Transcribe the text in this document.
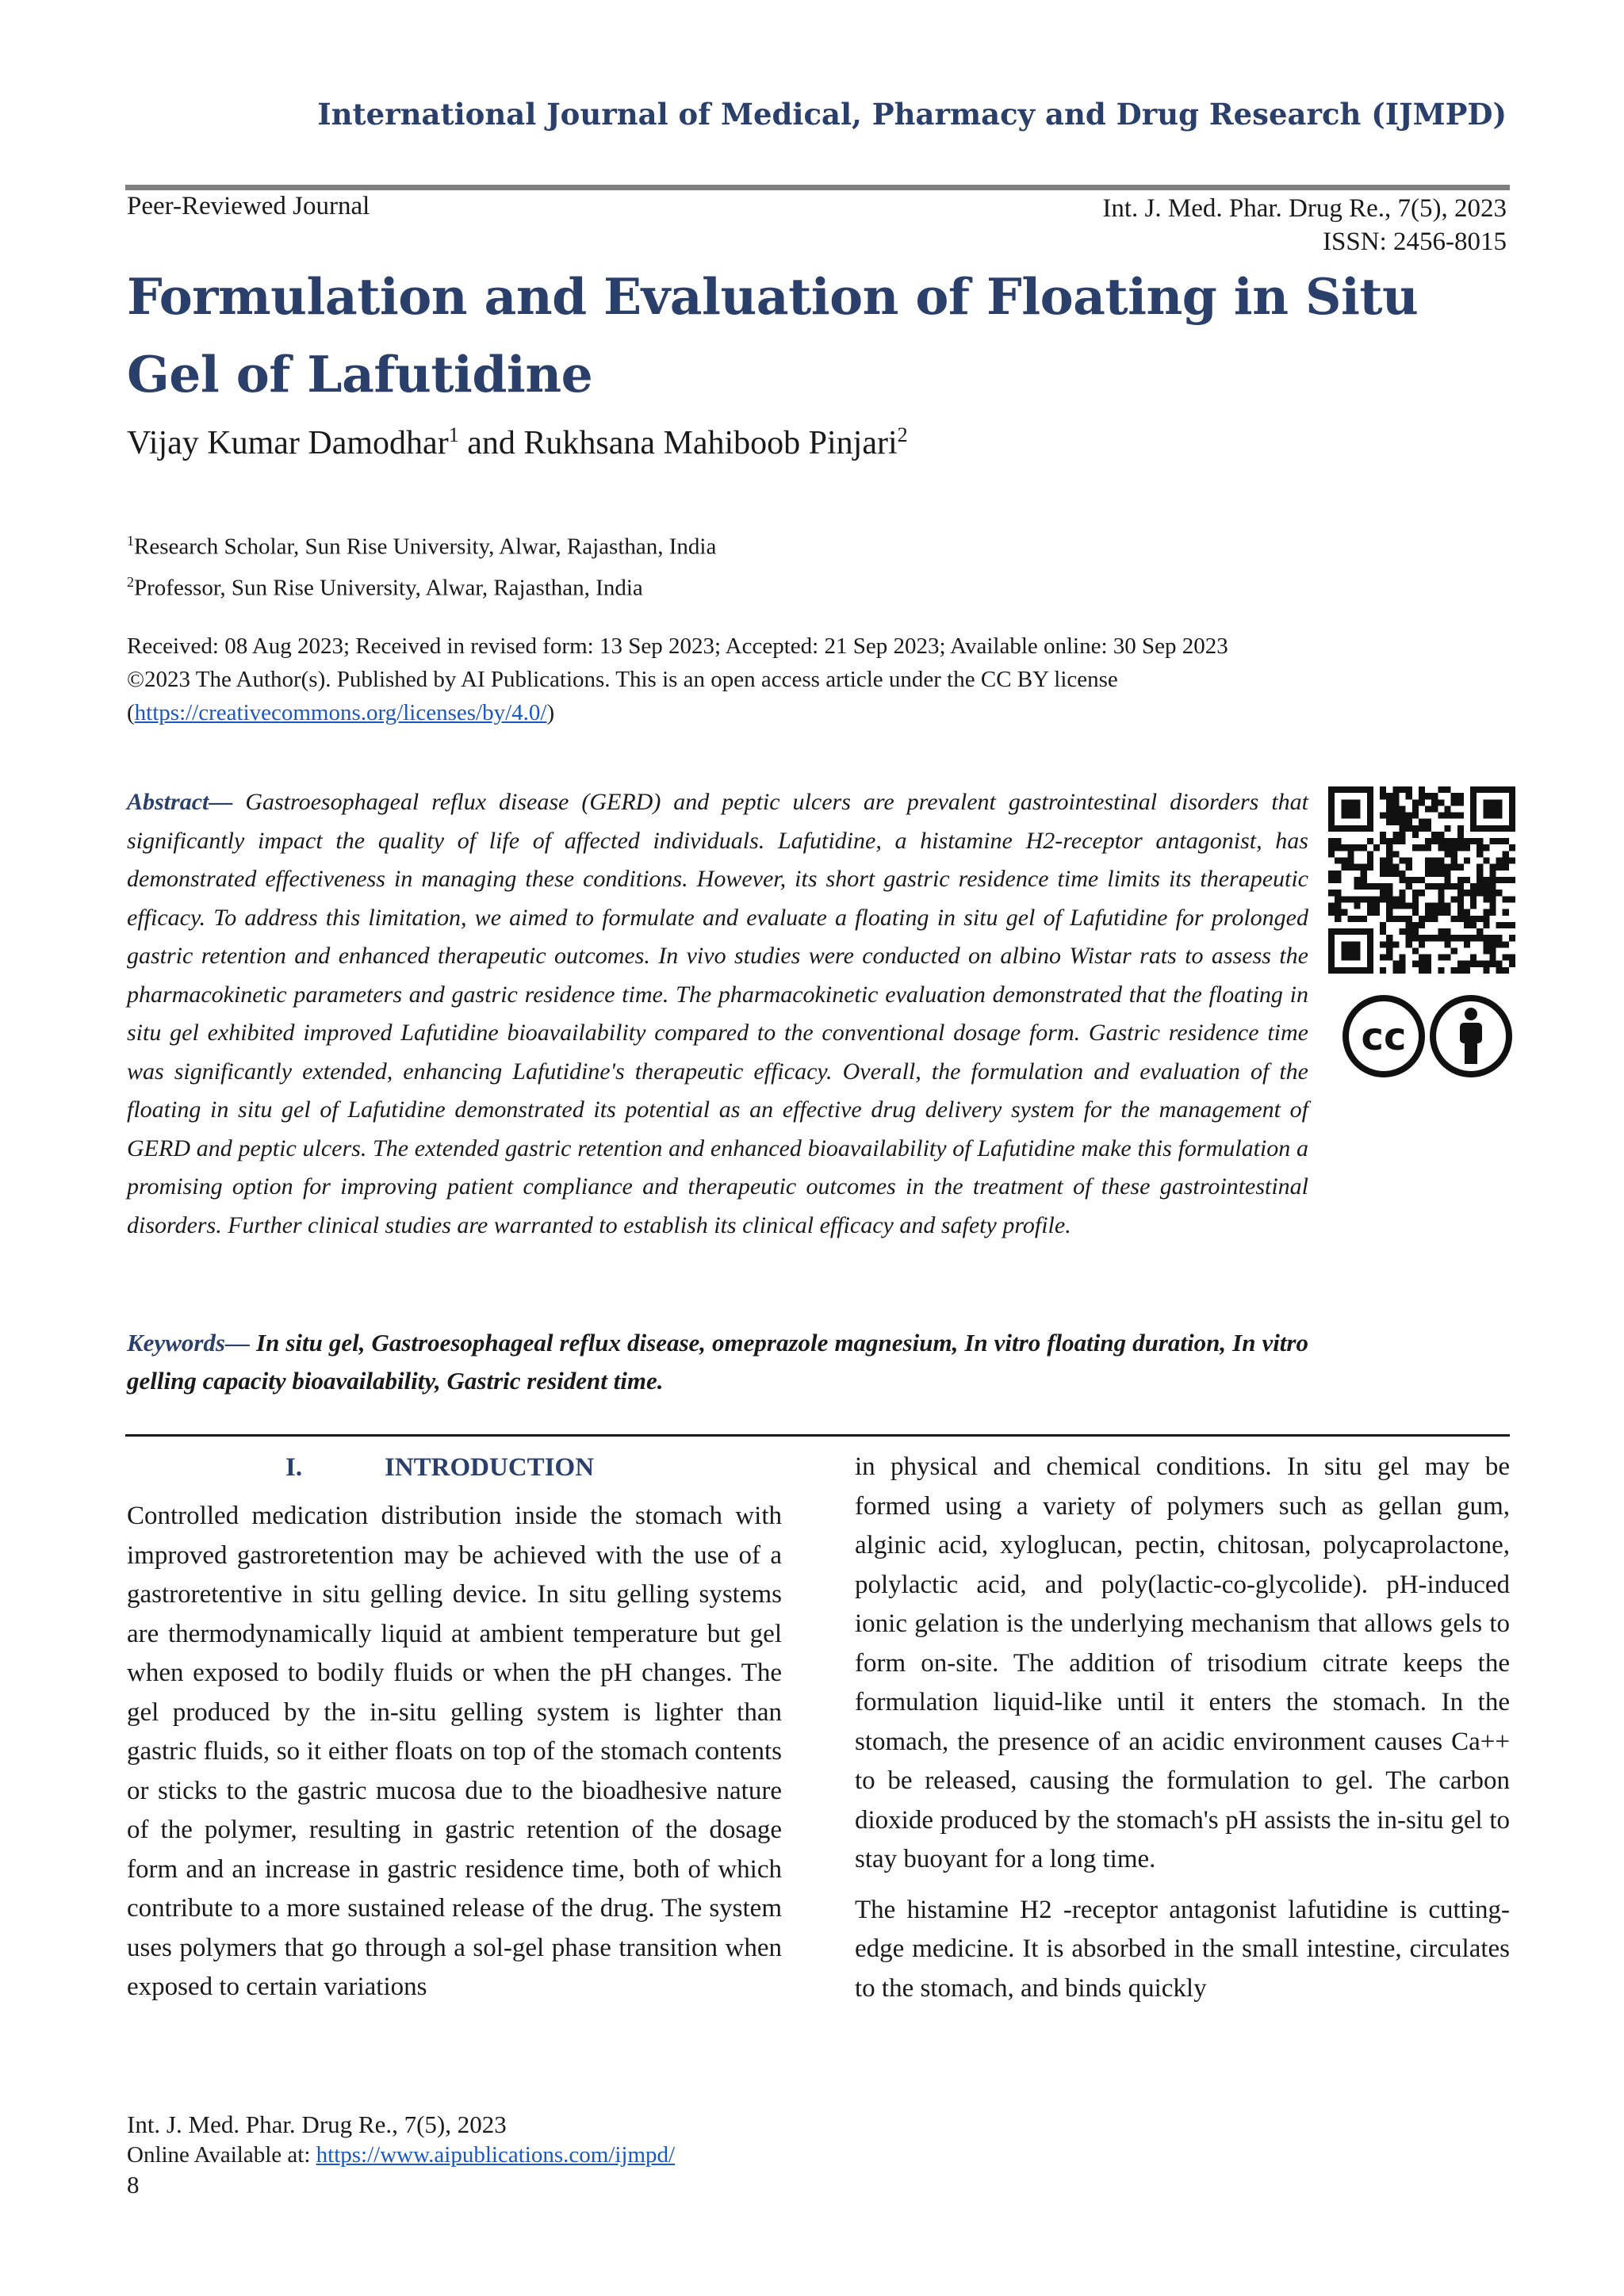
International Journal of Medical, Pharmacy and Drug Research (IJMPD)
Peer-Reviewed Journal	Int. J. Med. Phar. Drug Re., 7(5), 2023
ISSN: 2456-8015
Formulation and Evaluation of Floating in Situ Gel of Lafutidine
Vijay Kumar Damodhar$^1$ and Rukhsana Mahiboob Pinjari$^2$
$^1$Research Scholar, Sun Rise University, Alwar, Rajasthan, India
$^2$Professor, Sun Rise University, Alwar, Rajasthan, India
Received: 08 Aug 2023; Received in revised form: 13 Sep 2023; Accepted: 21 Sep 2023; Available online: 30 Sep 2023
©2023 The Author(s). Published by AI Publications. This is an open access article under the CC BY license
(https://creativecommons.org/licenses/by/4.0/)

Abstract— Gastroesophageal reflux disease (GERD) and peptic ulcers are prevalent gastrointestinal disorders that significantly impact the quality of life of affected individuals. Lafutidine, a histamine H2-receptor antagonist, has demonstrated effectiveness in managing these conditions. However, its short gastric residence time limits its therapeutic efficacy. To address this limitation, we aimed to formulate and evaluate a floating in situ gel of Lafutidine for prolonged gastric retention and enhanced therapeutic outcomes. In vivo studies were conducted on albino Wistar rats to assess the pharmacokinetic parameters and gastric residence time. The pharmacokinetic evaluation demonstrated that the floating in situ gel exhibited improved Lafutidine bioavailability compared to the conventional dosage form. Gastric residence time was significantly extended, enhancing Lafutidine's therapeutic efficacy. Overall, the formulation and evaluation of the floating in situ gel of Lafutidine demonstrated its potential as an effective drug delivery system for the management of GERD and peptic ulcers. The extended gastric retention and enhanced bioavailability of Lafutidine make this formulation a promising option for improving patient compliance and therapeutic outcomes in the treatment of these gastrointestinal disorders. Further clinical studies are warranted to establish its clinical efficacy and safety profile.

Keywords— In situ gel, Gastroesophageal reflux disease, omeprazole magnesium, In vitro floating duration, In vitro gelling capacity bioavailability, Gastric resident time.

cc
I.	INTRODUCTION

Controlled medication distribution inside the stomach with improved gastroretention may be achieved with the use of a gastroretentive in situ gelling device. In situ gelling systems are thermodynamically liquid at ambient temperature but gel when exposed to bodily fluids or when the pH changes. The gel produced by the in-situ gelling system is lighter than gastric fluids, so it either floats on top of the stomach contents or sticks to the gastric mucosa due to the bioadhesive nature of the polymer, resulting in gastric retention of the dosage form and an increase in gastric residence time, both of which contribute to a more sustained release of the drug. The system uses polymers that go through a sol-gel phase transition when exposed to certain variations

in physical and chemical conditions. In situ gel may be formed using a variety of polymers such as gellan gum, alginic acid, xyloglucan, pectin, chitosan, polycaprolactone, polylactic acid, and poly(lactic-co-glycolide). pH-induced ionic gelation is the underlying mechanism that allows gels to form on-site. The addition of trisodium citrate keeps the formulation liquid-like until it enters the stomach. In the stomach, the presence of an acidic environment causes Ca++ to be released, causing the formulation to gel. The carbon dioxide produced by the stomach's pH assists the in-situ gel to stay buoyant for a long time.

The histamine H2 -receptor antagonist lafutidine is cutting-edge medicine. It is absorbed in the small intestine, circulates to the stomach, and binds quickly

Int. J. Med. Phar. Drug Re., 7(5), 2023
Online Available at: https://www.aipublications.com/ijmpd/
8
